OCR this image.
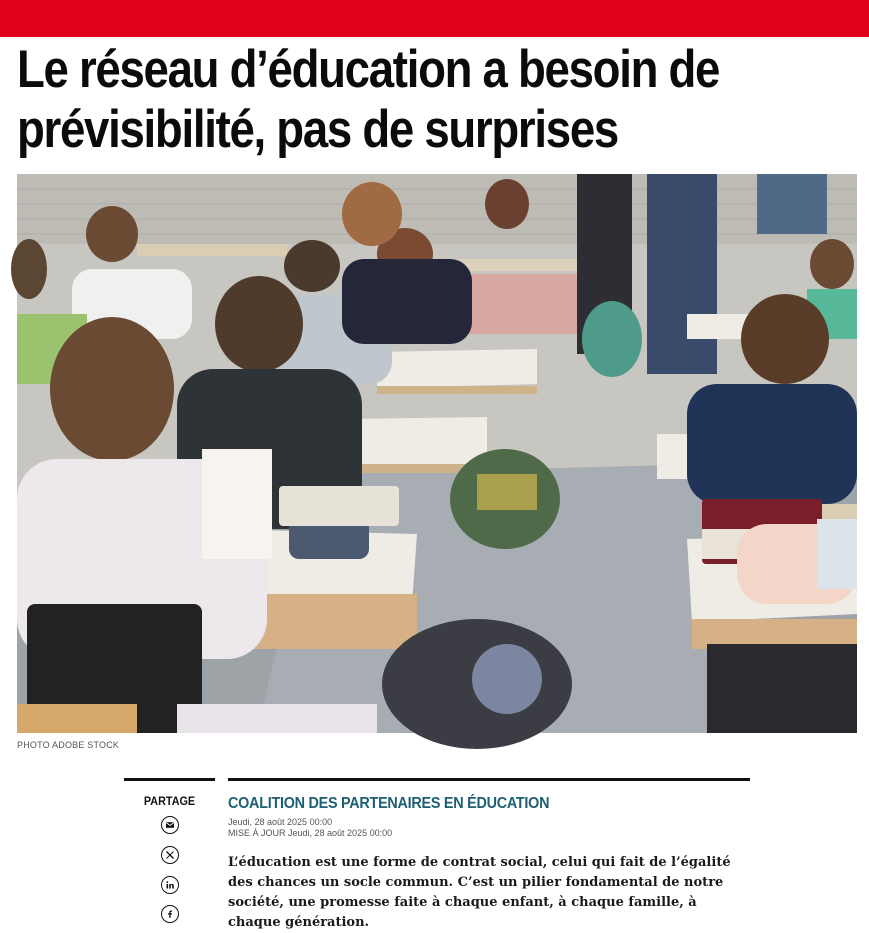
Le réseau d’éducation a besoin de prévisibilité, pas de surprises
PHOTO ADOBE STOCK
PARTAGE	COALITION DES PARTENAIRES EN ÉDUCATION
Jeudi, 28 août 2025 00:00
MISE À JOUR Jeudi, 28 août 2025 00:00

L’éducation est une forme de contrat social, celui qui fait de l’égalité des chances un socle commun. C’est un pilier fondamental de notre société, une promesse faite à chaque enfant, à chaque famille, à chaque génération.
